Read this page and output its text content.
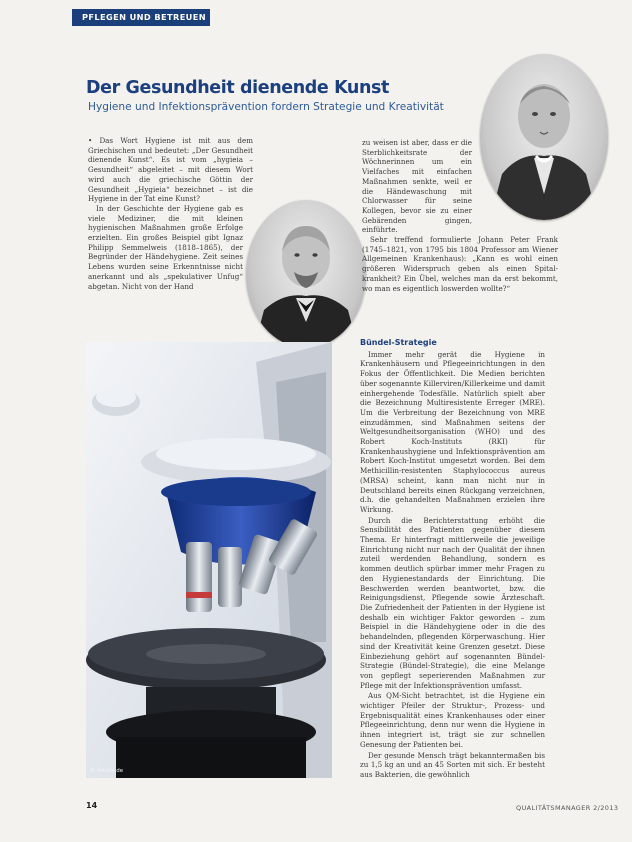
PFLEGEN UND BETREUEN
Der Gesundheit dienende Kunst
Hygiene und Infektionsprävention fordern Strategie und Kreativität
© fotolia.de

• Das Wort Hygiene ist mit aus dem Griechischen und bedeutet: „Der Gesundheit dienende Kunst“. Es ist vom „hygieia – Gesundheit“ abgeleitet – mit diesem Wort wird auch die griechische Göttin der Gesundheit „Hygieia“ bezeichnet – ist die Hygiene in der Tat eine Kunst?

In der Geschichte der Hygiene gab es viele Mediziner, die mit kleinen hygienischen Maßnahmen große Erfolge erzielten. Ein großes Beispiel gibt Ignaz Philipp Semmelweis (1818–1865), der Begründer der Händehygiene. Zeit seines Lebens wurden seine Erkenntnisse nicht anerkannt und als „spekulativer Unfug“ abgetan. Nicht von der Hand

zu weisen ist aber, dass er die Sterblichkeitsrate der Wöchnerinnen um ein Vielfaches mit einfachen Maßnahmen senkte, weil er die Händewaschung mit Chlorwasser für seine Kollegen, bevor sie zu einer Gebärenden gingen, einführte.

Sehr treffend formulierte Johann Peter Frank (1745–1821, von 1795 bis 1804 Professor am Wiener Allgemeinen Krankenhaus): „Kann es wohl einen größeren Widerspruch geben als einen Spital-krankheit? Ein Übel, welches man da erst bekommt, wo man es eigentlich loswerden wollte?“

Bündel-Strategie

Immer mehr gerät die Hygiene in Krankenhäusern und Pflegeeinrichtungen in den Fokus der Öffentlichkeit. Die Medien berichten über sogenannte Killerviren/Killerkeime und damit einhergehende Todesfälle. Natürlich spielt aber die Bezeichnung Multiresistente Erreger (MRE). Um die Verbreitung der Bezeichnung von MRE einzudämmen, sind Maßnahmen seitens der Weltgesundheitsorganisation (WHO) und des Robert Koch-Instituts (RKI) für Krankenhaushygiene und Infektionsprävention am Robert Koch-Institut umgesetzt worden. Bei dem Methicillin-resistenten Staphylococcus aureus (MRSA) scheint, kann man nicht nur in Deutschland bereits einen Rückgang verzeichnen, d.h. die gehandelten Maßnahmen erzielen ihre Wirkung.

Durch die Berichterstattung erhöht die Sensibilität des Patienten gegenüber diesem Thema. Er hinterfragt mittlerweile die jeweilige Einrichtung nicht nur nach der Qualität der ihnen zuteil werdenden Behandlung, sondern es kommen deutlich spürbar immer mehr Fragen zu den Hygienestandards der Einrichtung. Die Beschwerden werden beantwortet, bzw. die Reinigungsdienst, Pflegende sowie Ärzteschaft. Die Zufriedenheit der Patienten in der Hygiene ist deshalb ein wichtiger Faktor geworden – zum Beispiel in die Händehygiene oder in die des behandelnden, pflegenden Körperwaschung. Hier sind der Kreativität keine Grenzen gesetzt. Diese Einbeziehung gehört auf sogenannten Bündel-Strategie (Bündel-Strategie), die eine Melange von gepflegt seperierenden Maßnahmen zur Pflege mit der Infektionsprävention umfasst.

Aus QM-Sicht betrachtet, ist die Hygiene ein wichtiger Pfeiler der Struktur-, Prozess- und Ergebnisqualität eines Krankenhauses oder einer Pflegeeinrichtung, denn nur wenn die Hygiene in ihnen integriert ist, trägt sie zur schnellen Genesung der Patienten bei.

Der gesunde Mensch trägt bekanntermaßen bis zu 1,5 kg an und an 45 Sorten mit sich. Er besteht aus Bakterien, die gewöhnlich

14	QUALITÄTSMANAGER 2/2013
